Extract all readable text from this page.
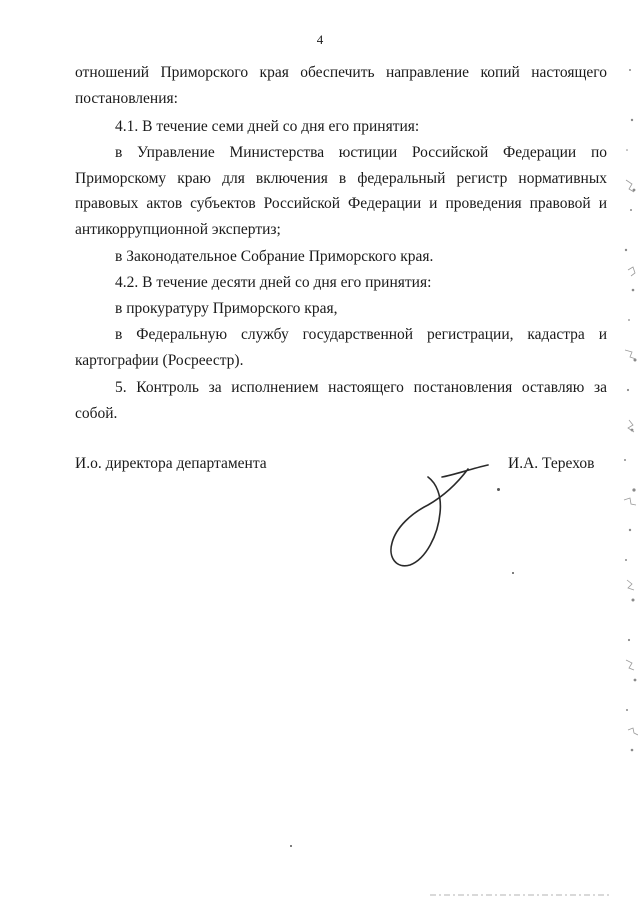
4

отношений Приморского края обеспечить направление копий настоящего постановления:

4.1. В течение семи дней со дня его принятия:

в Управление Министерства юстиции Российской Федерации по Приморскому краю для включения в федеральный регистр нормативных правовых актов субъектов Российской Федерации и проведения правовой и антикоррупционной экспертиз;

в Законодательное Собрание Приморского края.

4.2. В течение десяти дней со дня его принятия:

в прокуратуру Приморского края,

в Федеральную службу государственной регистрации, кадастра и картографии (Росреестр).

5. Контроль за исполнением настоящего постановления оставляю за собой.

И.о. директора департамента	И.А. Терехов
